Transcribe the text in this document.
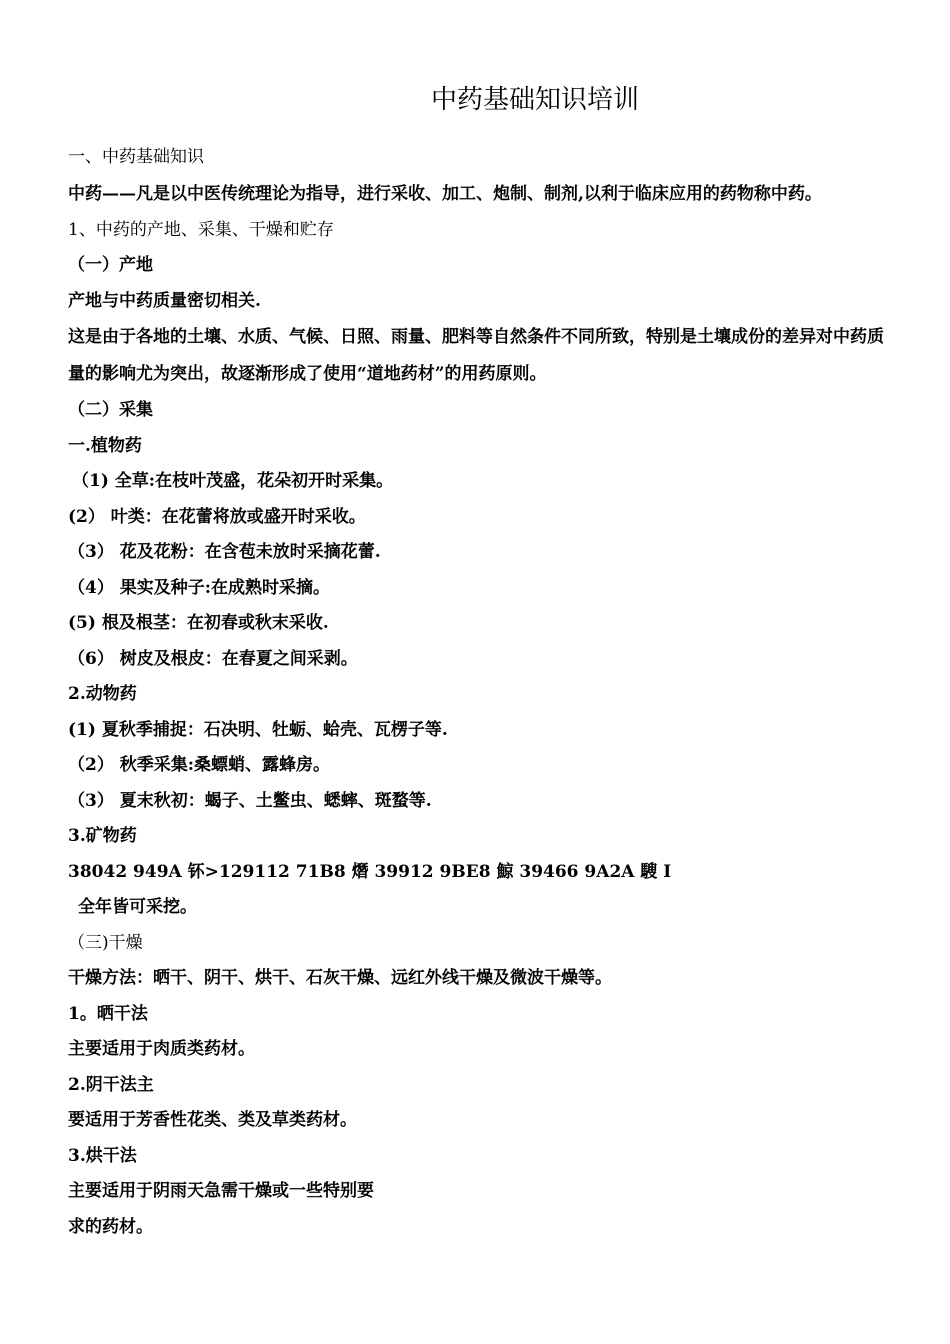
中药基础知识培训

一、中药基础知识

中药——凡是以中医传统理论为指导，进行采收、加工、炮制、制剂,以利于临床应用的药物称中药。

1、中药的产地、采集、干燥和贮存

（一）产地

产地与中药质量密切相关.

这是由于各地的土壤、水质、气候、日照、雨量、肥料等自然条件不同所致，特别是土壤成份的差异对中药质量的影响尤为突出，故逐渐形成了使用“道地药材”的用药原则。

（二）采集

一.植物药

（1) 全草:在枝叶茂盛，花朵初开时采集。

(2） 叶类：在花蕾将放或盛开时采收。

（3） 花及花粉：在含苞未放时采摘花蕾.

（4） 果实及种子:在成熟时采摘。

(5) 根及根茎：在初春或秋末采收.

（6） 树皮及根皮：在春夏之间采剥。

2.动物药

(1) 夏秋季捕捉：石决明、牡蛎、蛤壳、瓦楞子等.

（2） 秋季采集:桑螵蛸、露蜂房。

（3） 夏末秋初：蝎子、土鳖虫、蟋蟀、斑蝥等.

3.矿物药

38042 949A 钚>129112 71B8 熸 39912 9BE8 鯨 39466 9A2A 騪 I

全年皆可采挖。

（三)干燥

干燥方法：晒干、阴干、烘干、石灰干燥、远红外线干燥及微波干燥等。

1。晒干法

主要适用于肉质类药材。

2.阴干法主

要适用于芳香性花类、类及草类药材。

3.烘干法

主要适用于阴雨天急需干燥或一些特别要

求的药材。
